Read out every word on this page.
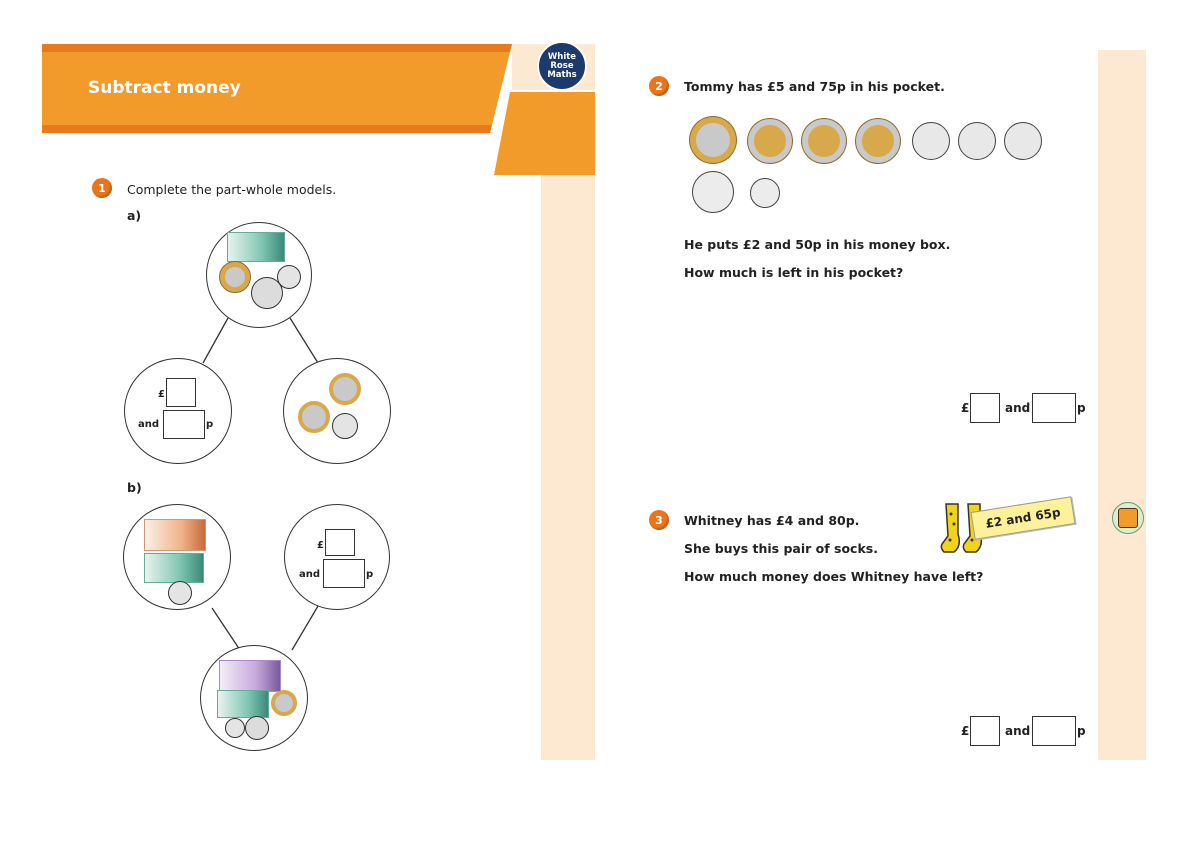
Subtract money
White
Rose
Maths
1	Complete the part-whole models.
a)
£
and	p
b)
£
and	p
2	Tommy has £5 and 75p in his pocket.
He puts £2 and 50p in his money box.
How much is left in his pocket?
£	and	p
3	Whitney has £4 and 80p.
She buys this pair of socks.
How much money does Whitney have left?
£2 and 65p
£	and	p
